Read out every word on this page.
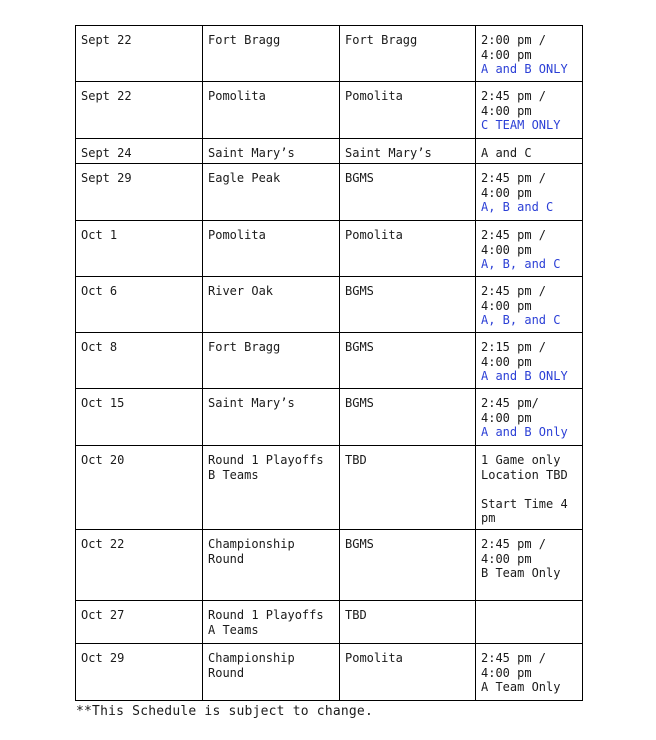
Sept 22	Fort Bragg	Fort Bragg	2:00 pm /
4:00 pm
A and B ONLY
Sept 22	Pomolita	Pomolita	2:45 pm /
4:00 pm
C TEAM ONLY
Sept 24	Saint Mary’s	Saint Mary’s	A and C
Sept 29	Eagle Peak	BGMS	2:45 pm /
4:00 pm
A, B and C
Oct 1	Pomolita	Pomolita	2:45 pm /
4:00 pm
A, B, and C
Oct 6	River Oak	BGMS	2:45 pm /
4:00 pm
A, B, and C
Oct 8	Fort Bragg	BGMS	2:15 pm /
4:00 pm
A and B ONLY
Oct 15	Saint Mary’s	BGMS	2:45 pm/
4:00 pm
A and B Only
Oct 20	Round 1 Playoffs
B Teams	TBD	1 Game only
Location TBD

Start Time 4
pm
Oct 22	Championship
Round	BGMS	2:45 pm /
4:00 pm
B Team Only
Oct 27	Round 1 Playoffs
A Teams	TBD	
Oct 29	Championship
Round	Pomolita	2:45 pm /
4:00 pm
A Team Only
**This Schedule is subject to change.
